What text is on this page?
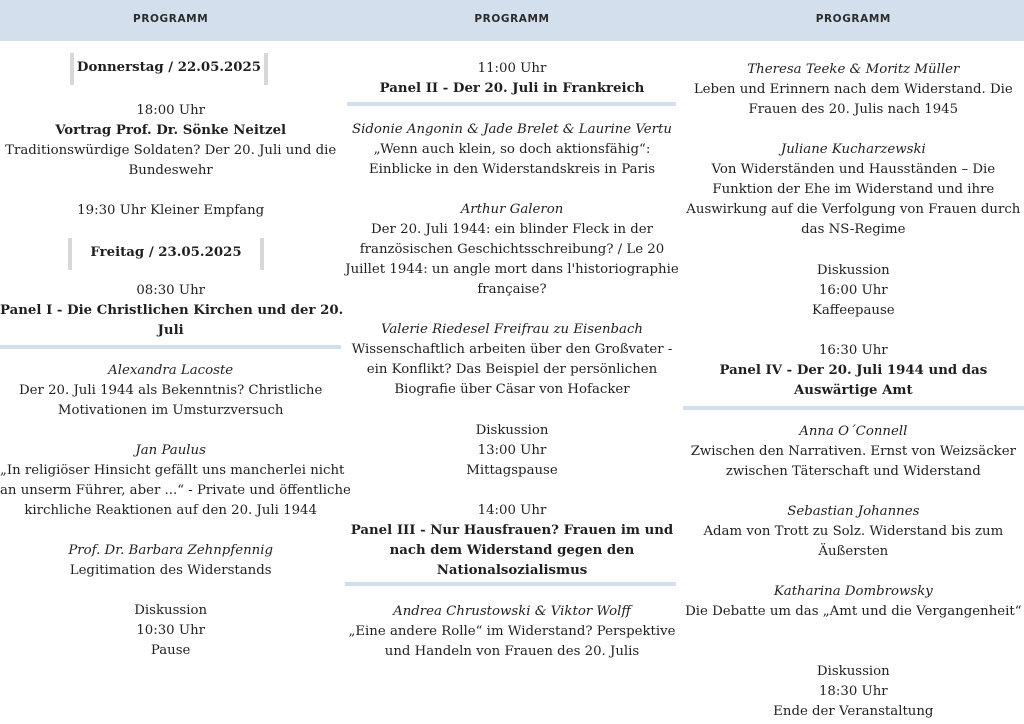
PROGRAMM
Donnerstag / 22.05.2025
18:00 Uhr
Vortrag Prof. Dr. Sönke Neitzel
Traditionswürdige Soldaten? Der 20. Juli und die
Bundeswehr
19:30 Uhr Kleiner Empfang
Freitag / 23.05.2025
08:30 Uhr
Panel I - Die Christlichen Kirchen und der 20.
Juli
Alexandra Lacoste
Der 20. Juli 1944 als Bekenntnis? Christliche
Motivationen im Umsturzversuch
Jan Paulus
„In religiöser Hinsicht gefällt uns mancherlei nicht
an unserm Führer, aber ...“ - Private und öffentliche
kirchliche Reaktionen auf den 20. Juli 1944
Prof. Dr. Barbara Zehnpfennig
Legitimation des Widerstands
Diskussion
10:30 Uhr
Pause
PROGRAMM
11:00 Uhr
Panel II - Der 20. Juli in Frankreich
Sidonie Angonin & Jade Brelet & Laurine Vertu
„Wenn auch klein, so doch aktionsfähig“:
Einblicke in den Widerstandskreis in Paris
Arthur Galeron
Der 20. Juli 1944: ein blinder Fleck in der
französischen Geschichtsschreibung? / Le 20
Juillet 1944: un angle mort dans l'historiographie
française?
Valerie Riedesel Freifrau zu Eisenbach
Wissenschaftlich arbeiten über den Großvater -
ein Konflikt? Das Beispiel der persönlichen
Biografie über Cäsar von Hofacker
Diskussion
13:00 Uhr
Mittagspause
14:00 Uhr
Panel III - Nur Hausfrauen? Frauen im und
nach dem Widerstand gegen den
Nationalsozialismus
Andrea Chrustowski & Viktor Wolff
„Eine andere Rolle“ im Widerstand? Perspektive
und Handeln von Frauen des 20. Julis
PROGRAMM
Theresa Teeke & Moritz Müller
Leben und Erinnern nach dem Widerstand. Die
Frauen des 20. Julis nach 1945
Juliane Kucharzewski
Von Widerständen und Hausständen – Die
Funktion der Ehe im Widerstand und ihre
Auswirkung auf die Verfolgung von Frauen durch
das NS-Regime
Diskussion
16:00 Uhr
Kaffeepause
16:30 Uhr
Panel IV - Der 20. Juli 1944 und das
Auswärtige Amt
Anna O´Connell
Zwischen den Narrativen. Ernst von Weizsäcker
zwischen Täterschaft und Widerstand
Sebastian Johannes
Adam von Trott zu Solz. Widerstand bis zum
Äußersten
Katharina Dombrowsky
Die Debatte um das „Amt und die Vergangenheit“
Diskussion
18:30 Uhr
Ende der Veranstaltung
